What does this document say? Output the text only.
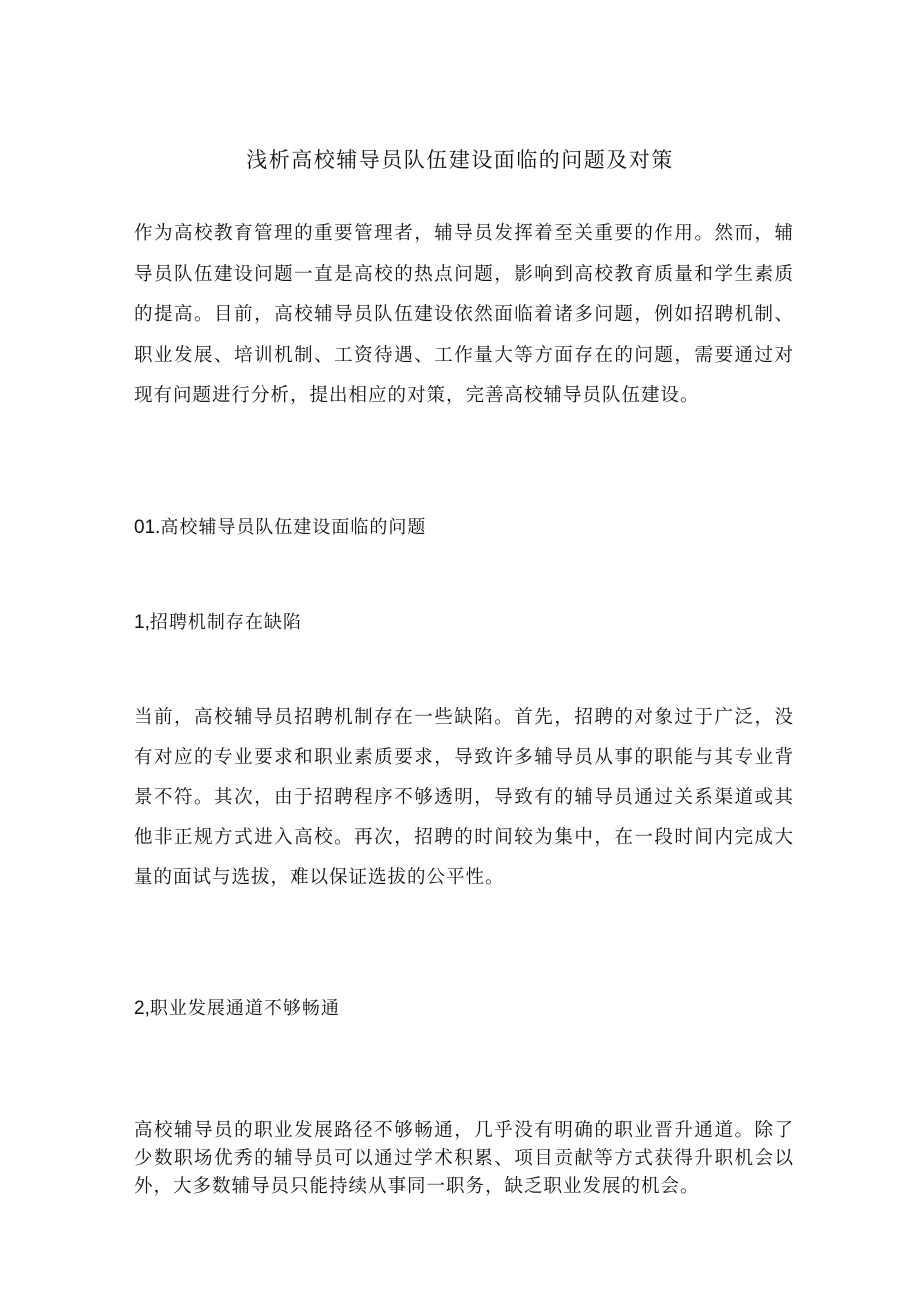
浅析高校辅导员队伍建设面临的问题及对策

作为高校教育管理的重要管理者，辅导员发挥着至关重要的作用。然而，辅导员队伍建设问题一直是高校的热点问题，影响到高校教育质量和学生素质的提高。目前，高校辅导员队伍建设依然面临着诸多问题，例如招聘机制、职业发展、培训机制、工资待遇、工作量大等方面存在的问题，需要通过对现有问题进行分析，提出相应的对策，完善高校辅导员队伍建设。

01.高校辅导员队伍建设面临的问题
1,招聘机制存在缺陷

当前，高校辅导员招聘机制存在一些缺陷。首先，招聘的对象过于广泛，没有对应的专业要求和职业素质要求，导致许多辅导员从事的职能与其专业背景不符。其次，由于招聘程序不够透明，导致有的辅导员通过关系渠道或其他非正规方式进入高校。再次，招聘的时间较为集中，在一段时间内完成大量的面试与选拔，难以保证选拔的公平性。

2,职业发展通道不够畅通

高校辅导员的职业发展路径不够畅通，几乎没有明确的职业晋升通道。除了少数职场优秀的辅导员可以通过学术积累、项目贡献等方式获得升职机会以外，大多数辅导员只能持续从事同一职务，缺乏职业发展的机会。
